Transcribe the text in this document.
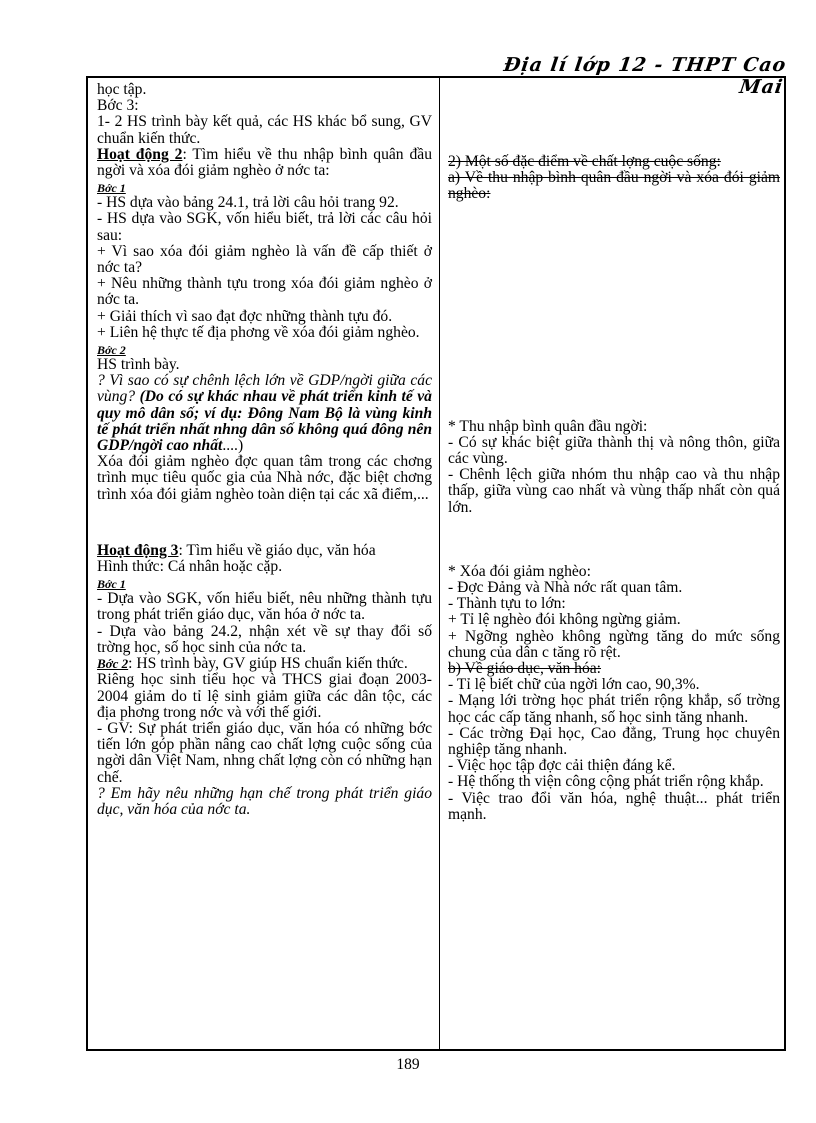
Địa lí lớp 12 - THPT Cao Mai

học tập.

Bớc 3:

1- 2 HS trình bày kết quả, các HS khác bổ sung, GV chuẩn kiến thức.

Hoạt động 2: Tìm hiểu về thu nhập bình quân đầu ngời và xóa đói giảm nghèo ở nớc ta:

Bớc 1

- HS dựa vào bảng 24.1, trả lời câu hỏi trang 92.

- HS dựa vào SGK, vốn hiểu biết, trả lời các câu hỏi sau:

+ Vì sao xóa đói giảm nghèo là vấn đề cấp thiết ở nớc ta?

+ Nêu những thành tựu trong xóa đói giảm nghèo ở nớc ta.

+ Giải thích vì sao đạt đợc những thành tựu đó.

+ Liên hệ thực tế địa phơng về xóa đói giảm nghèo.

Bớc 2

HS trình bày.

? Vì sao có sự chênh lệch lớn về GDP/ngời giữa các vùng? (Do có sự khác nhau về phát triển kinh tế và quy mô dân số; ví dụ: Đông Nam Bộ là vùng kinh tế phát triển nhất nhng dân số không quá đông nên GDP/ngời cao nhất....)

Xóa đói giảm nghèo đợc quan tâm trong các chơng trình mục tiêu quốc gia của Nhà nớc, đặc biệt chơng trình xóa đói giảm nghèo toàn diện tại các xã điểm,...

Hoạt động 3: Tìm hiểu về giáo dục, văn hóa

Hình thức: Cá nhân hoặc cặp.

Bớc 1

- Dựa vào SGK, vốn hiểu biết, nêu những thành tựu trong phát triển giáo dục, văn hóa ở nớc ta.

- Dựa vào bảng 24.2, nhận xét về sự thay đổi số trờng học, số học sinh của nớc ta.

Bớc 2: HS trình bày, GV giúp HS chuẩn kiến thức.

Riêng học sinh tiểu học và THCS giai đoạn 2003- 2004 giảm do tỉ lệ sinh giảm giữa các dân tộc, các địa phơng trong nớc và với thế giới.

- GV: Sự phát triển giáo dục, văn hóa có những bớc tiến lớn góp phần nâng cao chất lợng cuộc sống của ngời dân Việt Nam, nhng chất lợng còn có những hạn chế.

? Em hãy nêu những hạn chế trong phát triển giáo dục, văn hóa của nớc ta.

2) Một số đặc điểm về chất lợng cuộc sống:

a) Về thu nhập bình quân đầu ngời và xóa đói giảm nghèo:

* Thu nhập bình quân đầu ngời:

- Có sự khác biệt giữa thành thị và nông thôn, giữa các vùng.

- Chênh lệch giữa nhóm thu nhập cao và thu nhập thấp, giữa vùng cao nhất và vùng thấp nhất còn quá lớn.

* Xóa đói giảm nghèo:

- Đợc Đảng và Nhà nớc rất quan tâm.

- Thành tựu to lớn:

+ Tỉ lệ nghèo đói không ngừng giảm.

+ Ngỡng nghèo không ngừng tăng do mức sống chung của dân c tăng rõ rệt.

b) Về giáo dục, văn hóa:

- Tỉ lệ biết chữ của ngời lớn cao, 90,3%.

- Mạng lới trờng học phát triển rộng khắp, số trờng học các cấp tăng nhanh, số học sinh tăng nhanh.

- Các trờng Đại học, Cao đẳng, Trung học chuyên nghiệp tăng nhanh.

- Việc học tập đợc cải thiện đáng kể.

- Hệ thống th viện công cộng phát triển rộng khắp.

- Việc trao đổi văn hóa, nghệ thuật... phát triển mạnh.

189
